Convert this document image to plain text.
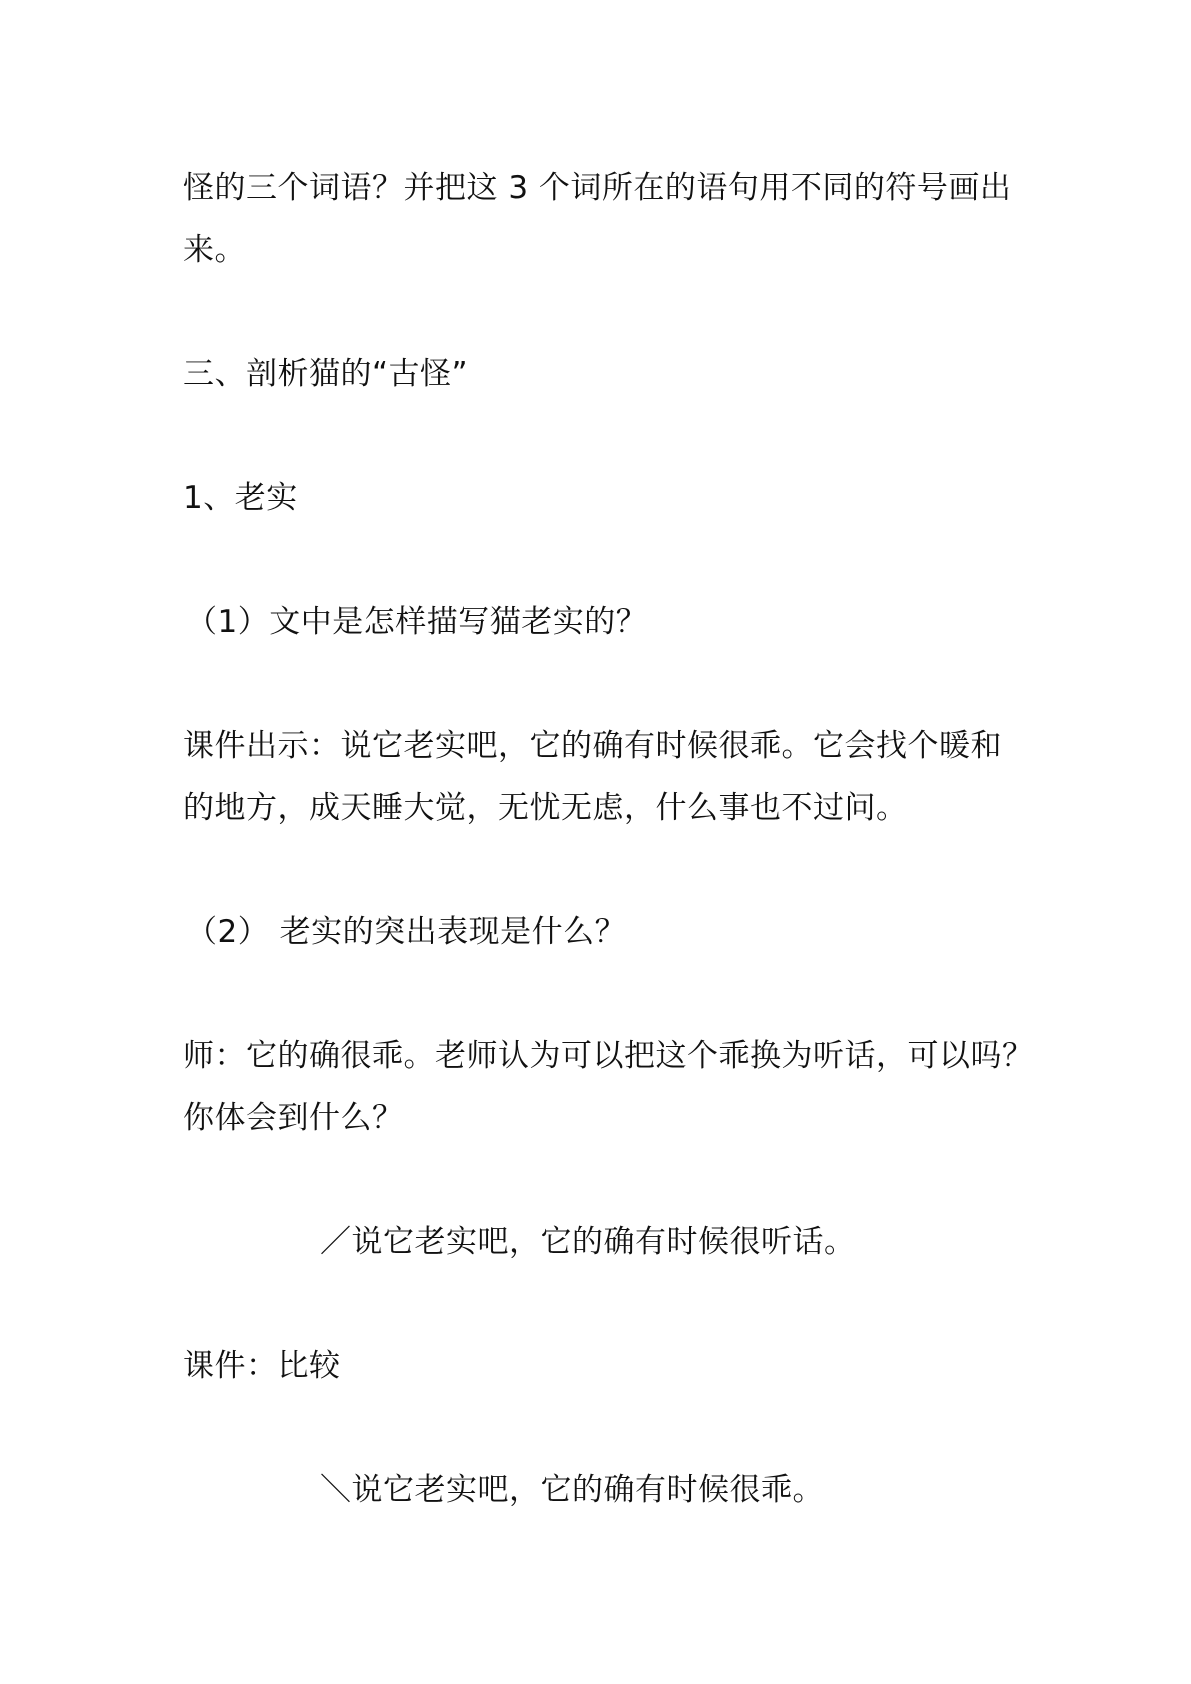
怪的三个词语？并把这 3 个词所在的语句用不同的符号画出
来。
三、剖析猫的“古怪”
1、老实
（1）文中是怎样描写猫老实的？
课件出示：说它老实吧，它的确有时候很乖。它会找个暖和
的地方，成天睡大觉，无忧无虑，什么事也不过问。
（2） 老实的突出表现是什么？
师：它的确很乖。老师认为可以把这个乖换为听话，可以吗？
你体会到什么？
／说它老实吧，它的确有时候很听话。
课件：比较
＼说它老实吧，它的确有时候很乖。
